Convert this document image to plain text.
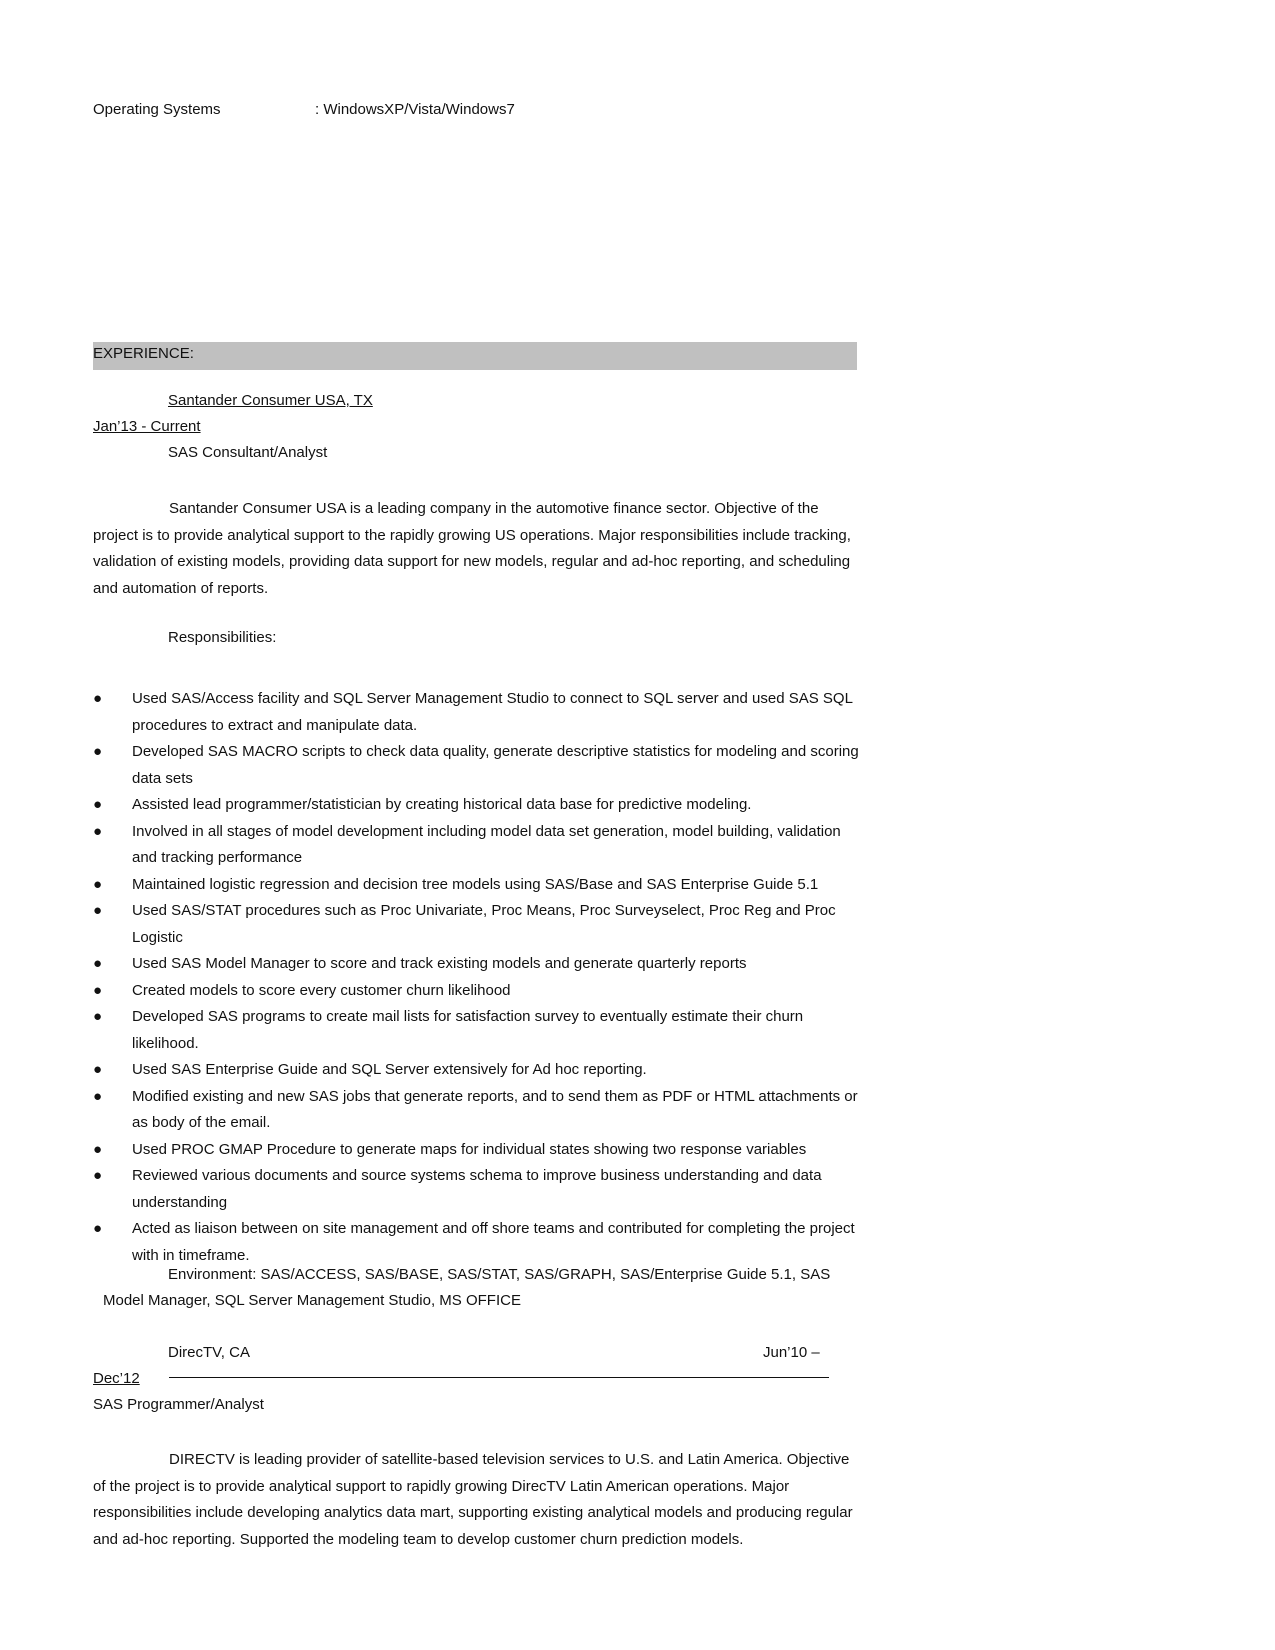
Operating Systems	: WindowsXP/Vista/Windows7
EXPERIENCE:
Santander Consumer USA, TX
Jan’13 - Current
SAS Consultant/Analyst
Santander Consumer USA is a leading company in the automotive finance sector. Objective of the project is to provide analytical support to the rapidly growing US operations. Major responsibilities include tracking, validation of existing models, providing data support for new models, regular and ad-hoc reporting, and scheduling and automation of reports.
Responsibilities:
● Used SAS/Access facility and SQL Server Management Studio to connect to SQL server and used SAS SQL procedures to extract and manipulate data.
● Developed SAS MACRO scripts to check data quality, generate descriptive statistics for modeling and scoring data sets
● Assisted lead programmer/statistician by creating historical data base for predictive modeling.
● Involved in all stages of model development including model data set generation, model building, validation and tracking performance
● Maintained logistic regression and decision tree models using SAS/Base and SAS Enterprise Guide 5.1
● Used SAS/STAT procedures such as Proc Univariate, Proc Means, Proc Surveyselect, Proc Reg and Proc Logistic
● Used SAS Model Manager to score and track existing models and generate quarterly reports
● Created models to score every customer churn likelihood
● Developed SAS programs to create mail lists for satisfaction survey to eventually estimate their churn likelihood.
● Used SAS Enterprise Guide and SQL Server extensively for Ad hoc reporting.
● Modified existing and new SAS jobs that generate reports, and to send them as PDF or HTML attachments or as body of the email.
● Used PROC GMAP Procedure to generate maps for individual states showing two response variables
● Reviewed various documents and source systems schema to improve business understanding and data understanding
● Acted as liaison between on site management and off shore teams and contributed for completing the project with in timeframe.
Environment: SAS/ACCESS, SAS/BASE, SAS/STAT, SAS/GRAPH, SAS/Enterprise Guide 5.1, SAS
Model Manager, SQL Server Management Studio, MS OFFICE
DirecTV, CA	Jun’10 –
Dec’12
SAS Programmer/Analyst
DIRECTV is leading provider of satellite-based television services to U.S. and Latin America. Objective of the project is to provide analytical support to rapidly growing DirecTV Latin American operations. Major responsibilities include developing analytics data mart, supporting existing analytical models and producing regular and ad-hoc reporting. Supported the modeling team to develop customer churn prediction models.
